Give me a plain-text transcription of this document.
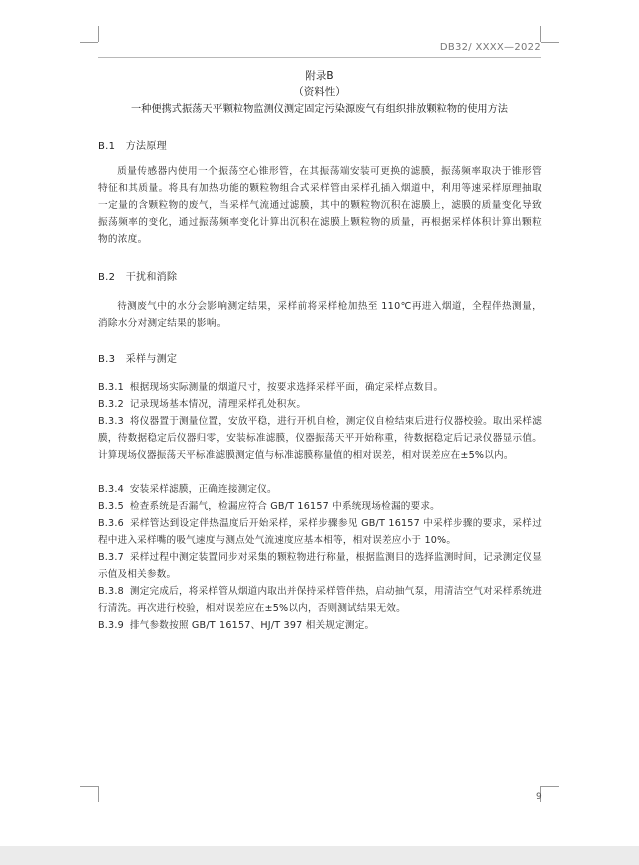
DB32/ XXXX—2022
附录B
（资料性）
一种便携式振荡天平颗粒物监测仪测定固定污染源废气有组织排放颗粒物的使用方法
B.1 方法原理

质量传感器内使用一个振荡空心锥形管，在其振荡端安装可更换的滤膜，振荡频率取决于锥形管特征和其质量。将具有加热功能的颗粒物组合式采样管由采样孔插入烟道中，利用等速采样原理抽取一定量的含颗粒物的废气，当采样气流通过滤膜，其中的颗粒物沉积在滤膜上，滤膜的质量变化导致振荡频率的变化，通过振荡频率变化计算出沉积在滤膜上颗粒物的质量，再根据采样体积计算出颗粒物的浓度。

B.2 干扰和消除

待测废气中的水分会影响测定结果，采样前将采样枪加热至 110℃再进入烟道，全程伴热测量，消除水分对测定结果的影响。

B.3 采样与测定

B.3.1 根据现场实际测量的烟道尺寸，按要求选择采样平面，确定采样点数目。

B.3.2 记录现场基本情况，清理采样孔处积灰。

B.3.3 将仪器置于测量位置，安放平稳，进行开机自检，测定仪自检结束后进行仪器校验。取出采样滤膜，待数据稳定后仪器归零，安装标准滤膜，仪器振荡天平开始称重，待数据稳定后记录仪器显示值。计算现场仪器振荡天平标准滤膜测定值与标准滤膜称量值的相对误差，相对误差应在±5%以内。

B.3.4 安装采样滤膜，正确连接测定仪。

B.3.5 检查系统是否漏气，检漏应符合 GB/T 16157 中系统现场检漏的要求。

B.3.6 采样管达到设定伴热温度后开始采样，采样步骤参见 GB/T 16157 中采样步骤的要求，采样过程中进入采样嘴的吸气速度与测点处气流速度应基本相等，相对误差应小于 10%。

B.3.7 采样过程中测定装置同步对采集的颗粒物进行称量，根据监测目的选择监测时间，记录测定仪显示值及相关参数。

B.3.8 测定完成后，将采样管从烟道内取出并保持采样管伴热，启动抽气泵，用清洁空气对采样系统进行清洗。再次进行校验，相对误差应在±5%以内，否则测试结果无效。

B.3.9 排气参数按照 GB/T 16157、HJ/T 397 相关规定测定。

9
